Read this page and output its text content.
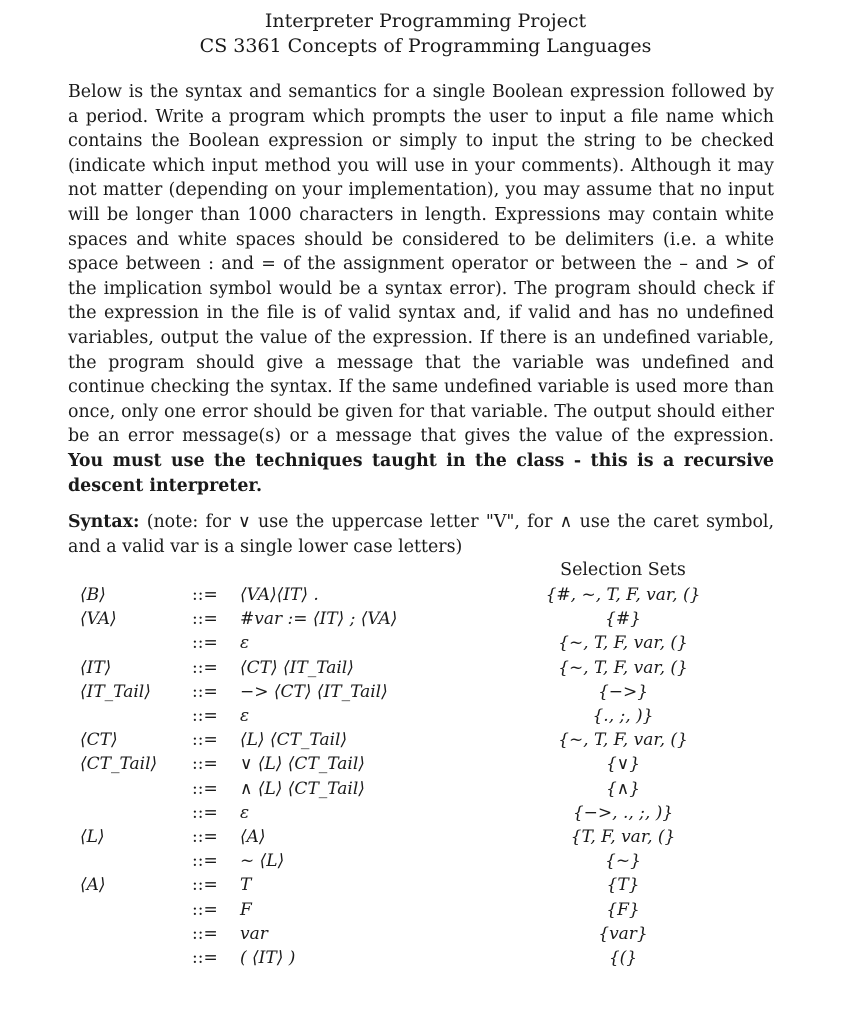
Interpreter Programming Project
CS 3361 Concepts of Programming Languages
Below is the syntax and semantics for a single Boolean expression followed by a period. Write a program which prompts the user to input a file name which contains the Boolean expression or simply to input the string to be checked (indicate which input method you will use in your comments). Although it may not matter (depending on your implementation), you may assume that no input will be longer than 1000 characters in length. Expressions may contain white spaces and white spaces should be considered to be delimiters (i.e. a white space between : and = of the assignment operator or between the – and > of the implication symbol would be a syntax error). The program should check if the expression in the file is of valid syntax and, if valid and has no undefined variables, output the value of the expression. If there is an undefined variable, the program should give a message that the variable was undefined and continue checking the syntax. If the same undefined variable is used more than once, only one error should be given for that variable. The output should either be an error message(s) or a message that gives the value of the expression. You must use the techniques taught in the class - this is a recursive descent interpreter.
Syntax: (note: for ∨ use the uppercase letter "V", for ∧ use the caret symbol, and a valid var is a single lower case letters)
Selection Sets
⟨B⟩	::= ⟨VA⟩⟨IT⟩ .	{#, ~, T, F, var, (}
⟨VA⟩	::= #var := ⟨IT⟩ ; ⟨VA⟩	{#}
::= ε	{~, T, F, var, (}
⟨IT⟩	::= ⟨CT⟩ ⟨IT_Tail⟩	{~, T, F, var, (}
⟨IT_Tail⟩ ::= −> ⟨CT⟩ ⟨IT_Tail⟩	{−>}
::= ε	{., ;, )}
⟨CT⟩	::= ⟨L⟩ ⟨CT_Tail⟩	{~, T, F, var, (}
⟨CT_Tail⟩ ::= ∨ ⟨L⟩ ⟨CT_Tail⟩	{∨}
::= ∧ ⟨L⟩ ⟨CT_Tail⟩	{∧}
::= ε	{−>, ., ;, )}
⟨L⟩	::= ⟨A⟩	{T, F, var, (}
::= ~ ⟨L⟩	{~}
⟨A⟩	::= T	{T}
::= F	{F}
::= var	{var}
::= ( ⟨IT⟩ )	{(}
